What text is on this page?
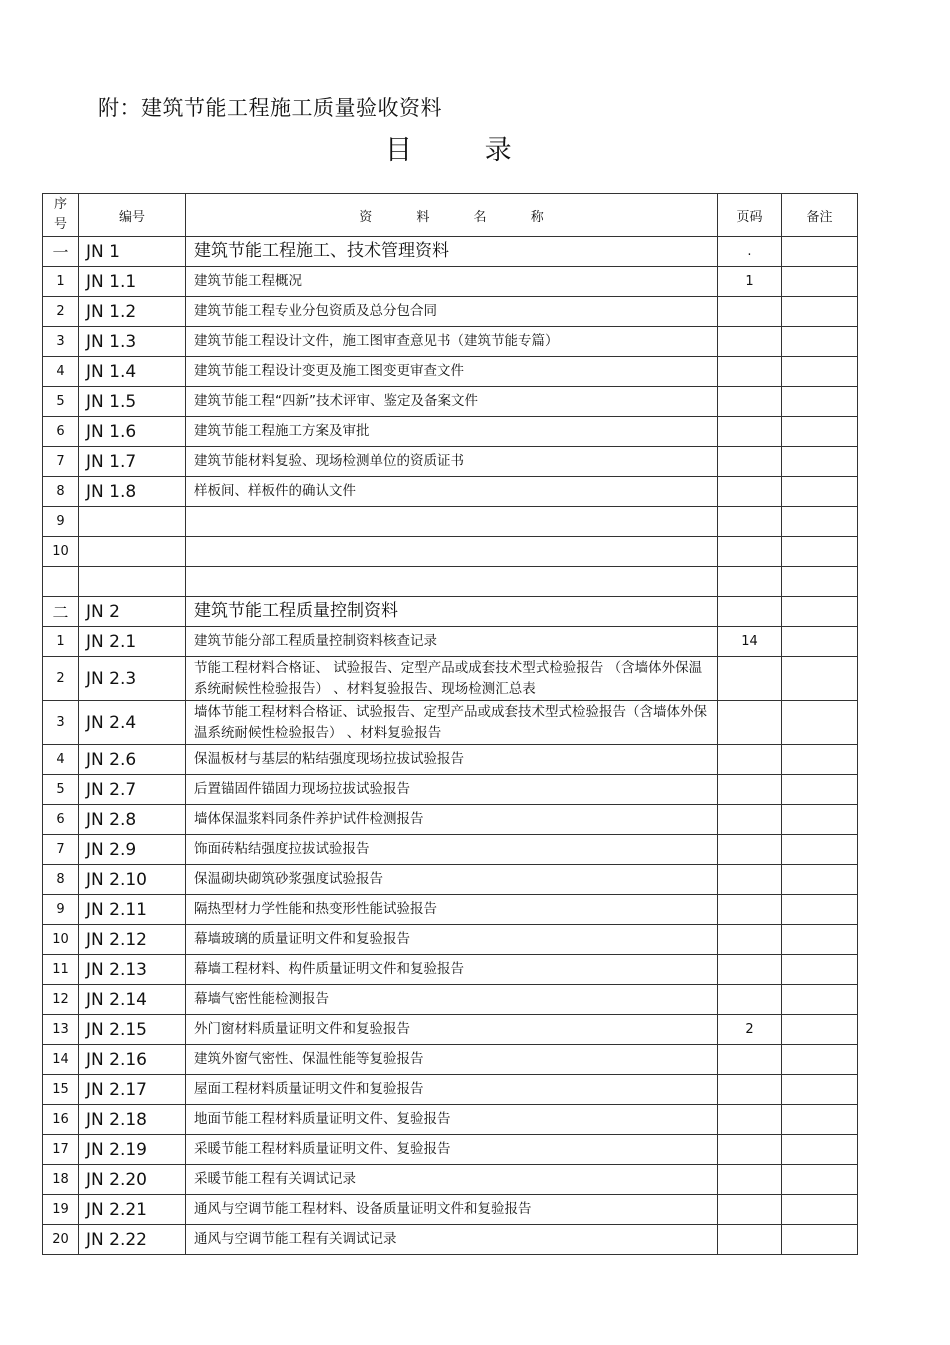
附：建筑节能工程施工质量验收资料
目 录
序
号	编号	资 料 名 称	页码	备注
一	JN 1	建筑节能工程施工、技术管理资料	.	
1	JN 1.1	建筑节能工程概况	1	
2	JN 1.2	建筑节能工程专业分包资质及总分包合同		
3	JN 1.3	建筑节能工程设计文件，施工图审查意见书（建筑节能专篇）		
4	JN 1.4	建筑节能工程设计变更及施工图变更审查文件		
5	JN 1.5	建筑节能工程“四新”技术评审、鉴定及备案文件		
6	JN 1.6	建筑节能工程施工方案及审批		
7	JN 1.7	建筑节能材料复验、现场检测单位的资质证书		
8	JN 1.8	样板间、样板件的确认文件		
9				
10				

二	JN 2	建筑节能工程质量控制资料		
1	JN 2.1	建筑节能分部工程质量控制资料核查记录	14	
2	JN 2.3	节能工程材料合格证、 试验报告、定型产品或成套技术型式检验报告 （含墙体外保温系统耐候性检验报告） 、材料复验报告、现场检测汇总表		
3	JN 2.4	墙体节能工程材料合格证、试验报告、定型产品或成套技术型式检验报告（含墙体外保温系统耐候性检验报告） 、材料复验报告		
4	JN 2.6	保温板材与基层的粘结强度现场拉拔试验报告		
5	JN 2.7	后置锚固件锚固力现场拉拔试验报告		
6	JN 2.8	墙体保温浆料同条件养护试件检测报告		
7	JN 2.9	饰面砖粘结强度拉拔试验报告		
8	JN 2.10	保温砌块砌筑砂浆强度试验报告		
9	JN 2.11	隔热型材力学性能和热变形性能试验报告		
10	JN 2.12	幕墙玻璃的质量证明文件和复验报告		
11	JN 2.13	幕墙工程材料、构件质量证明文件和复验报告		
12	JN 2.14	幕墙气密性能检测报告		
13	JN 2.15	外门窗材料质量证明文件和复验报告	2	
14	JN 2.16	建筑外窗气密性、保温性能等复验报告		
15	JN 2.17	屋面工程材料质量证明文件和复验报告		
16	JN 2.18	地面节能工程材料质量证明文件、复验报告		
17	JN 2.19	采暖节能工程材料质量证明文件、复验报告		
18	JN 2.20	采暖节能工程有关调试记录		
19	JN 2.21	通风与空调节能工程材料、设备质量证明文件和复验报告		
20	JN 2.22	通风与空调节能工程有关调试记录		
